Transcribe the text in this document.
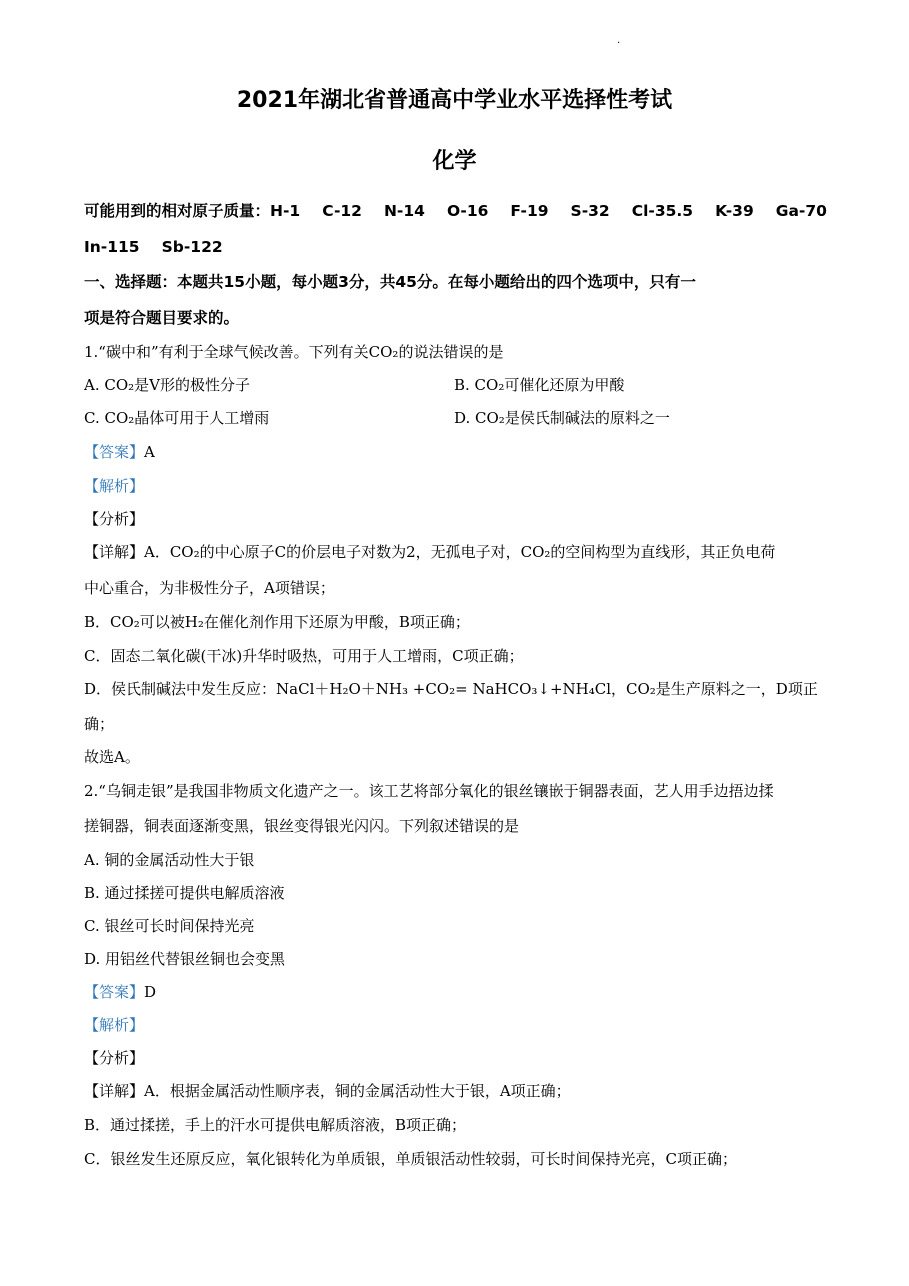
.
2021年湖北省普通高中学业水平选择性考试
化学
可能用到的相对原子质量：H-1 C-12 N-14 O-16 F-19 S-32 Cl-35.5 K-39 Ga-70
In-115 Sb-122
一、选择题：本题共15小题，每小题3分，共45分。在每小题给出的四个选项中，只有一
项是符合题目要求的。
1.“碳中和”有利于全球气候改善。下列有关CO₂的说法错误的是
A. CO₂是V形的极性分子	B. CO₂可催化还原为甲酸
C. CO₂晶体可用于人工增雨	D. CO₂是侯氏制碱法的原料之一
【答案】A
【解析】
【分析】
【详解】A．CO₂的中心原子C的价层电子对数为2，无孤电子对，CO₂的空间构型为直线形，其正负电荷
中心重合，为非极性分子，A项错误；
B．CO₂可以被H₂在催化剂作用下还原为甲酸，B项正确；
C．固态二氧化碳(干冰)升华时吸热，可用于人工增雨，C项正确；
D．侯氏制碱法中发生反应：NaCl＋H₂O＋NH₃ +CO₂= NaHCO₃↓+NH₄Cl，CO₂是生产原料之一，D项正
确；
故选A。
2.“乌铜走银”是我国非物质文化遗产之一。该工艺将部分氧化的银丝镶嵌于铜器表面，艺人用手边捂边揉
搓铜器，铜表面逐渐变黑，银丝变得银光闪闪。下列叙述错误的是
A. 铜的金属活动性大于银
B. 通过揉搓可提供电解质溶液
C. 银丝可长时间保持光亮
D. 用铝丝代替银丝铜也会变黑
【答案】D
【解析】
【分析】
【详解】A．根据金属活动性顺序表，铜的金属活动性大于银，A项正确；
B．通过揉搓，手上的汗水可提供电解质溶液，B项正确；
C．银丝发生还原反应，氧化银转化为单质银，单质银活动性较弱，可长时间保持光亮，C项正确；
